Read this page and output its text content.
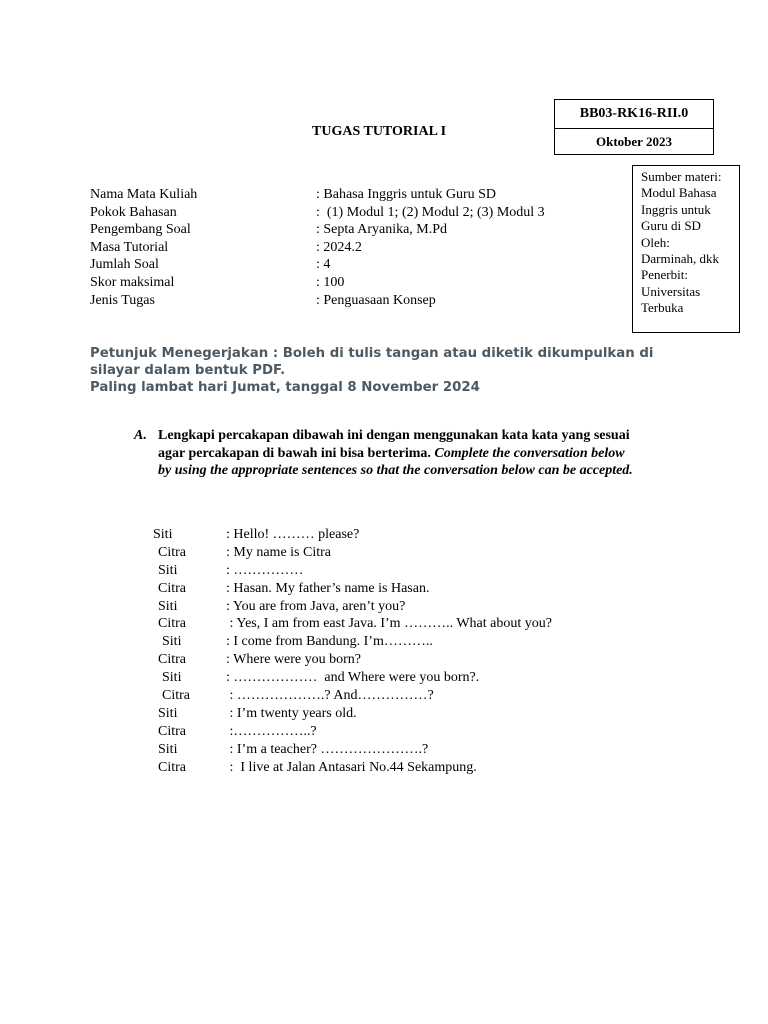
BB03-RK16-RII.0
Oktober 2023
TUGAS TUTORIAL I
Sumber materi:
Modul Bahasa
Inggris untuk
Guru di SD
Oleh:
Darminah, dkk
Penerbit:
Universitas
Terbuka
Nama Mata Kuliah	: Bahasa Inggris untuk Guru SD
Pokok Bahasan	:  (1) Modul 1; (2) Modul 2; (3) Modul 3
Pengembang Soal	: Septa Aryanika, M.Pd
Masa Tutorial	: 2024.2
Jumlah Soal	: 4
Skor maksimal	: 100
Jenis Tugas	: Penguasaan Konsep
Petunjuk Menegerjakan : Boleh di tulis tangan atau diketik dikumpulkan di
silayar dalam bentuk PDF.
Paling lambat hari Jumat, tanggal 8 November 2024
A. Lengkapi percakapan dibawah ini dengan menggunakan kata kata yang sesuai
agar percakapan di bawah ini bisa berterima. Complete the conversation below
by using the appropriate sentences so that the conversation below can be accepted.
Siti	: Hello! ……… please?
Citra	: My name is Citra
Siti	: ……………
Citra	: Hasan. My father’s name is Hasan.
Siti	: You are from Java, aren’t you?
Citra	: Yes, I am from east Java. I’m ……….. What about you?
Siti	: I come from Bandung. I’m………..
Citra	: Where were you born?
Siti	: ………………  and Where were you born?.
Citra	: ……………….? And……………?
Siti	: I’m twenty years old.
Citra	:……………..?
Siti	: I’m a teacher? ………………….?
Citra	:  I live at Jalan Antasari No.44 Sekampung.
